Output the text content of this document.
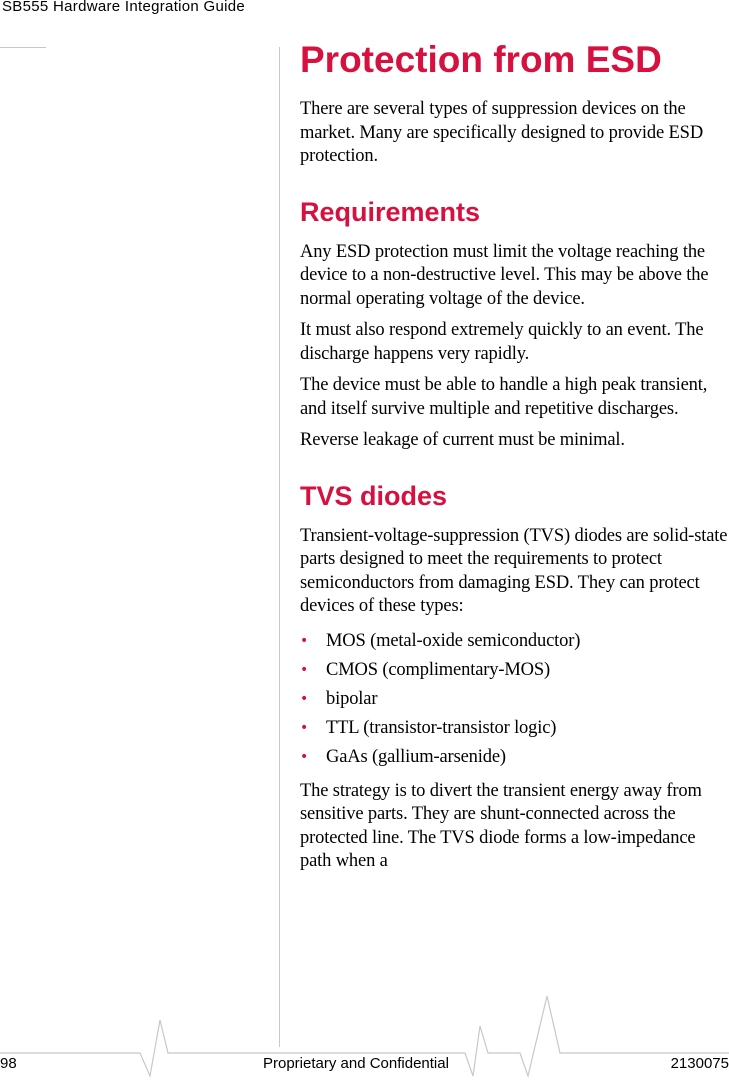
SB555 Hardware Integration Guide
Protection from ESD

There are several types of suppression devices on the market. Many are specifically designed to provide ESD protection.

Requirements

Any ESD protection must limit the voltage reaching the device to a non-destructive level. This may be above the normal operating voltage of the device.

It must also respond extremely quickly to an event. The discharge happens very rapidly.

The device must be able to handle a high peak transient, and itself survive multiple and repetitive discharges.

Reverse leakage of current must be minimal.

TVS diodes

Transient-voltage-suppression (TVS) diodes are solid-state parts designed to meet the requirements to protect semiconductors from damaging ESD. They can protect devices of these types:

• MOS (metal-oxide semiconductor)
• CMOS (complimentary-MOS)
• bipolar
• TTL (transistor-transistor logic)
• GaAs (gallium-arsenide)

The strategy is to divert the transient energy away from sensitive parts. They are shunt-connected across the protected line. The TVS diode forms a low-impedance path when a

98	Proprietary and Confidential	2130075
